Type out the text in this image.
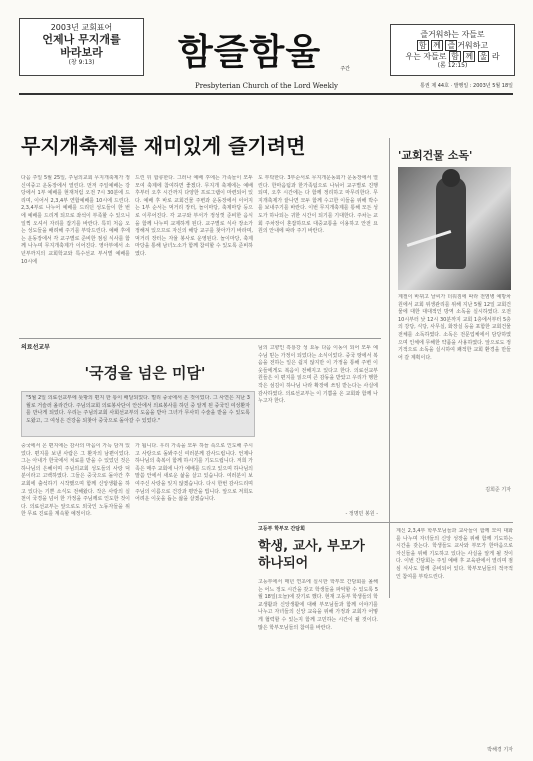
2003년 교회표어
언제나 무지개를
바라보라
(창 9:13)	함즐함울	주간
즐거워하는 자들로
함 께 즐 거워하고
우는 자들로 함 께 울 라
(롬 12:15)
Presbyterian Church of the Lord Weekly	통권 제 44호 · 발행일 : 2003년 5월 18일
무지개축제를 재미있게 즐기려면
다음 주일 5월 25일, 주님의교회 무지개축제가 정신여중고 운동장에서 열린다. 먼저 주일예배는 강당에서 1부 예배를 현재처럼 오전 7시 30분에 드리며, 이어서 2,3,4부 연합예배를 10시에 드린다. 2,3,4부로 나누어 예배를 드리던 성도들이 한 번에 예배를 드리게 되므로 좌석이 부족할 수 있으니 일찍 오셔서 자리를 잡기를 바란다. 특히 처음 오는 성도들을 배려해 주기를 부탁드린다. 예배 후에는 운동장에서 각 교구별로 준비한 점심 식사를 함께 나누며 무지개축제가 이어진다. 영아부에서 소년부까지의 교회학교와 특수선교 부서별 예배를 10시에
드린 뒤 합류한다. 그러나 예배 후에는 가족들이 모두 모여 축제에 참여하면 좋겠다. 무지개 축제에는 예배 후부터 오후 시간까지 다양한 프로그램이 마련되어 있다. 예배 후 바로 교회건물 주변과 운동장에서 이어지는 1부 순서는 먹거리 장터, 놀이마당, 축제마당 등으로 이루어진다. 각 교구와 부서가 정성껏 준비한 음식을 함께 나누며 교제하게 된다. 교구별로 식사 장소가 정해져 있으므로 자신의 해당 교구를 찾아가기 바라며, 먹거리 장터는 자율 봉사로 운영된다. 놀이마당, 축제마당을 통해 남녀노소가 함께 참여할 수 있도록 준비하였다.
도 부탁한다. 3부순서로 무지개운동회가 운동장에서 열린다. 한마음팀과 한가족팀으로 나뉘어 교구별로 진행되며, 오후 시간에는 다 함께 정리하고 마무리한다. 무지개축제가 끝나면 모두 함께 수고한 이들을 위해 박수를 보내주기를 바란다. 이번 무지개축제를 통해 모든 성도가 하나되는 귀한 시간이 되기를 기대한다. 주차는 교회 주차장이 혼잡하므로 대중교통을 이용하고 안전 요원의 안내에 따라 주기 바란다.
'교회건물 소독'
계절이 바뀌고 날씨가 더워짐에 따라 전염병 예방차원에서 교회 위생관리를 위해 지난 5월 12일 교회건물에 대한 대대적인 방역 소독을 실시하였다. 오전 10시부터 낮 12시 30분까지 교회 1층에서부터 5층의 강당, 식당, 사무실, 화장실 등을 포함한 교회건물 전체를 소독하였다. 소독은 전문업체에서 담당하였으며 인체에 무해한 약품을 사용하였다. 앞으로도 정기적으로 소독을 실시하여 쾌적한 교회 환경을 만들어 갈 계획이다.
김희준 기자
의료선교부
'국경을 넘은 미담'
"5월 2일 의료선교부에 뜻밖의 편지 한 통이 배달되었다. 멀리 중국에서 온 것이었다. 그 사연은 지난 3월로 거슬러 올라간다. 주님의교회 의료봉사단이 안산에서 의료봉사를 하던 중 알게 된 중국인 여성환자를 만나게 되었다. 우리는 주님의교회 사회선교부의 도움을 받아 그녀가 무사히 수술을 받을 수 있도록 도왔고, 그 여성은 건강을 되찾아 중국으로 돌아갈 수 있었다."
중국에서 온 편지에는 감사의 마음이 가득 담겨 있었다. 편지를 보낸 사람은 그 환자의 남편이었다. 그는 아내가 한국에서 치료를 받을 수 있었던 것은 하나님의 은혜이며 주님의교회 성도들의 사랑 덕분이라고 고백하였다. 그들은 중국으로 돌아간 후 교회에 출석하기 시작했으며 함께 신앙생활을 하고 있다는 기쁜 소식도 전해왔다. 작은 사랑의 실천이 국경을 넘어 한 가정을 주님께로 인도한 것이다. 의료선교부는 앞으로도 외국인 노동자들을 위한 무료 진료를 계속할 예정이다.
가 됩니다. 우리 가족을 모두 하늘 속으로 인도해 주시고 사랑으로 돌봐주신 여러분께 감사드립니다. 언제나 하나님의 축복이 함께 하시기를 기도드립니다. 저희 가족은 매주 교회에 나가 예배를 드리고 있으며 하나님의 말씀 안에서 새로운 삶을 살고 있습니다. 여러분이 보여주신 사랑을 잊지 않겠습니다. 다시 한번 감사드리며 주님의 이름으로 건강과 평안을 빕니다. 앞으로 저희도 어려운 이웃을 돕는 삶을 살겠습니다.
님의 고향인 흑룡강 성 요동 다음 이동이 되어 모두 예수님 믿는 가정이 되었다는 소식이었다. 중국 땅에서 복음을 전하는 일은 쉽지 않지만 이 가정을 통해 주변 이웃들에게도 복음이 전해지고 있다고 한다. 의료선교부원들은 이 편지를 읽으며 큰 감동을 받았고 우리가 행한 작은 섬김이 하나님 나라 확장에 쓰임 받는다는 사실에 감사하였다. 의료선교부는 이 기쁨을 온 교회와 함께 나누고자 한다.
- 정명민 봉원 -
고등부 학부모 간담회
학생, 교사, 부모가
하나되어
고등부에서 매년 연초에 실시한 학부모 간담회를 올해는 어느 정도 시간을 갖고 학생들을 파악할 수 있도록 5월 18일(오늘)에 갖기로 했다. 현재 고등부 학생들의 학교생활과 신앙생활에 대해 부모님들과 함께 이야기를 나누고 자녀들의 신앙 교육을 위해 가정과 교회가 어떻게 협력할 수 있는지 함께 고민하는 시간이 될 것이다. 많은 학부모님들의 참여를 바란다.
계신 2,3,4부 학부모님들과 교사들이 함께 모여 대화를 나누며 자녀들의 신앙 성장을 위해 함께 기도하는 시간을 갖는다. 학생들도 교사와 부모가 한마음으로 자신들을 위해 기도하고 있다는 사실을 알게 될 것이다. 이번 간담회는 주일 예배 후 교육관에서 열리며 점심 식사도 함께 준비되어 있다. 학부모님들의 적극적인 참여를 부탁드린다.
박해경 기자
